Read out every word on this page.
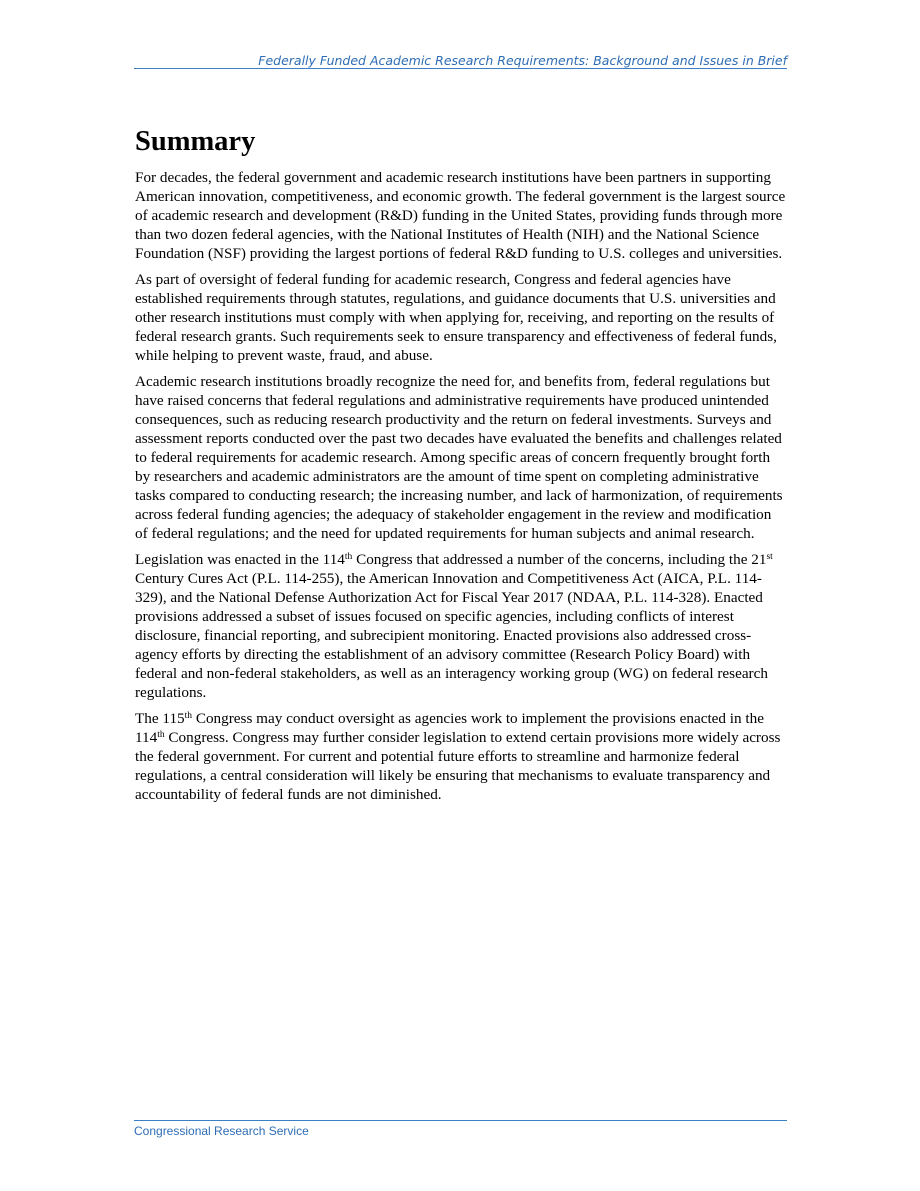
Federally Funded Academic Research Requirements: Background and Issues in Brief
Summary

For decades, the federal government and academic research institutions have been partners in supporting American innovation, competitiveness, and economic growth. The federal government is the largest source of academic research and development (R&D) funding in the United States, providing funds through more than two dozen federal agencies, with the National Institutes of Health (NIH) and the National Science Foundation (NSF) providing the largest portions of federal R&D funding to U.S. colleges and universities.

As part of oversight of federal funding for academic research, Congress and federal agencies have established requirements through statutes, regulations, and guidance documents that U.S. universities and other research institutions must comply with when applying for, receiving, and reporting on the results of federal research grants. Such requirements seek to ensure transparency and effectiveness of federal funds, while helping to prevent waste, fraud, and abuse.

Academic research institutions broadly recognize the need for, and benefits from, federal regulations but have raised concerns that federal regulations and administrative requirements have produced unintended consequences, such as reducing research productivity and the return on federal investments. Surveys and assessment reports conducted over the past two decades have evaluated the benefits and challenges related to federal requirements for academic research. Among specific areas of concern frequently brought forth by researchers and academic administrators are the amount of time spent on completing administrative tasks compared to conducting research; the increasing number, and lack of harmonization, of requirements across federal funding agencies; the adequacy of stakeholder engagement in the review and modification of federal regulations; and the need for updated requirements for human subjects and animal research.

Legislation was enacted in the 114th Congress that addressed a number of the concerns, including the 21st Century Cures Act (P.L. 114-255), the American Innovation and Competitiveness Act (AICA, P.L. 114-329), and the National Defense Authorization Act for Fiscal Year 2017 (NDAA, P.L. 114-328). Enacted provisions addressed a subset of issues focused on specific agencies, including conflicts of interest disclosure, financial reporting, and subrecipient monitoring. Enacted provisions also addressed cross-agency efforts by directing the establishment of an advisory committee (Research Policy Board) with federal and non-federal stakeholders, as well as an interagency working group (WG) on federal research regulations.

The 115th Congress may conduct oversight as agencies work to implement the provisions enacted in the 114th Congress. Congress may further consider legislation to extend certain provisions more widely across the federal government. For current and potential future efforts to streamline and harmonize federal regulations, a central consideration will likely be ensuring that mechanisms to evaluate transparency and accountability of federal funds are not diminished.

Congressional Research Service
